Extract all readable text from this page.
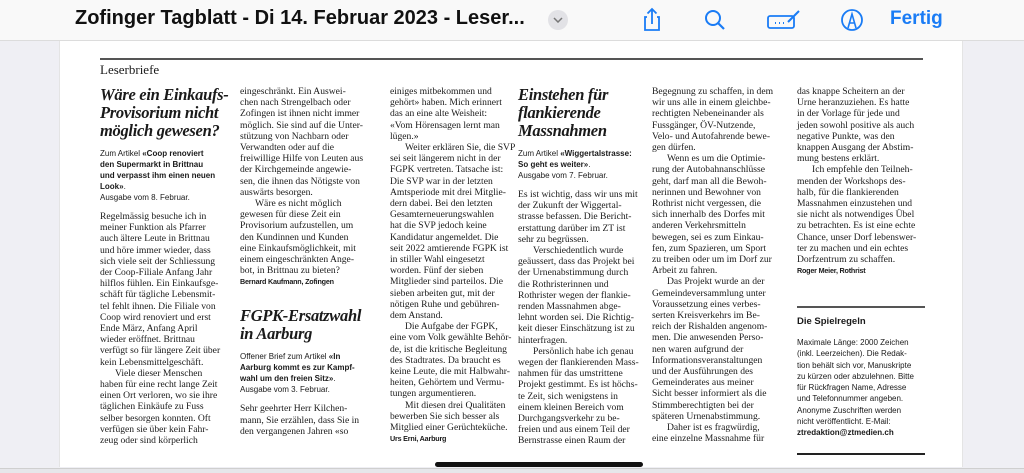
Zofinger Tagblatt - Di 14. Februar 2023 - Leser...	Fertig
Leserbriefe
Wäre ein Einkaufs-
Provisorium nicht
möglich gewesen?
Zum Artikel «Coop renoviert
den Supermarkt in Brittnau
und verpasst ihm einen neuen
Look».
Ausgabe vom 8. Februar.

Regelmässig besuche ich in
meiner Funktion als Pfarrer
auch ältere Leute in Brittnau
und höre immer wieder, dass
sich viele seit der Schliessung
der Coop-Filiale Anfang Jahr
hilflos fühlen. Ein Einkaufsge-
schäft für tägliche Lebensmit-
tel fehlt ihnen. Die Filiale von
Coop wird renoviert und erst
Ende März, Anfang April
wieder eröffnet. Brittnau
verfügt so für längere Zeit über
kein Lebensmittelgeschäft.

Viele dieser Menschen
haben für eine recht lange Zeit
einen Ort verloren, wo sie ihre
täglichen Einkäufe zu Fuss
selber besorgen konnten. Oft
verfügen sie über kein Fahr-
zeug oder sind körperlich

eingeschränkt. Ein Auswei-
chen nach Strengelbach oder
Zofingen ist ihnen nicht immer
möglich. Sie sind auf die Unter-
stützung von Nachbarn oder
Verwandten oder auf die
freiwillige Hilfe von Leuten aus
der Kirchgemeinde angewie-
sen, die ihnen das Nötigste von
auswärts besorgen.

Wäre es nicht möglich
gewesen für diese Zeit ein
Provisorium aufzustellen, um
den Kundinnen und Kunden
eine Einkaufsmöglichkeit, mit
einem eingeschränkten Ange-
bot, in Brittnau zu bieten?

Bernard Kaufmann, Zofingen
FGPK-Ersatzwahl
in Aarburg
Offener Brief zum Artikel «In
Aarburg kommt es zur Kampf-
wahl um den freien Sitz».
Ausgabe vom 3. Februar.

Sehr geehrter Herr Kilchen-
mann, Sie erzählen, dass Sie in
den vergangenen Jahren «so

einiges mitbekommen und
gehört» haben. Mich erinnert
das an eine alte Weisheit:
«Vom Hörensagen lernt man
lügen.»

Weiter erklären Sie, die SVP
sei seit längerem nicht in der
FGPK vertreten. Tatsache ist:
Die SVP war in der letzten
Amtsperiode mit drei Mitglie-
dern dabei. Bei den letzten
Gesamterneuerungswahlen
hat die SVP jedoch keine
Kandidatur angemeldet. Die
seit 2022 amtierende FGPK ist
in stiller Wahl eingesetzt
worden. Fünf der sieben
Mitglieder sind parteilos. Die
sieben arbeiten gut, mit der
nötigen Ruhe und gebühren-
dem Anstand.

Die Aufgabe der FGPK,
eine vom Volk gewählte Behör-
de, ist die kritische Begleitung
des Stadtrates. Da braucht es
keine Leute, die mit Halbwahr-
heiten, Gehörtem und Vermu-
tungen argumentieren.

Mit diesen drei Qualitäten
bewerben Sie sich besser als
Mitglied einer Gerüchteküche.

Urs Erni, Aarburg
Einstehen für
flankierende
Massnahmen
Zum Artikel «Wiggertalstrasse:
So geht es weiter».
Ausgabe vom 7. Februar.

Es ist wichtig, dass wir uns mit
der Zukunft der Wiggertal-
strasse befassen. Die Bericht-
erstattung darüber im ZT ist
sehr zu begrüssen.

Verschiedentlich wurde
geäussert, dass das Projekt bei
der Urnenabstimmung durch
die Rothristerinnen und
Rothrister wegen der flankie-
renden Massnahmen abge-
lehnt worden sei. Die Richtig-
keit dieser Einschätzung ist zu
hinterfragen.

Persönlich habe ich genau
wegen der flankierenden Mass-
nahmen für das umstrittene
Projekt gestimmt. Es ist höchs-
te Zeit, sich wenigstens in
einem kleinen Bereich vom
Durchgangsverkehr zu be-
freien und aus einem Teil der
Bernstrasse einen Raum der

Begegnung zu schaffen, in dem
wir uns alle in einem gleichbe-
rechtigten Nebeneinander als
Fussgänger, ÖV-Nutzende,
Velo- und Autofahrende bewe-
gen dürfen.

Wenn es um die Optimie-
rung der Autobahnanschlüsse
geht, darf man all die Bewoh-
nerinnen und Bewohner von
Rothrist nicht vergessen, die
sich innerhalb des Dorfes mit
anderen Verkehrsmitteln
bewegen, sei es zum Einkau-
fen, zum Spazieren, um Sport
zu treiben oder um im Dorf zur
Arbeit zu fahren.

Das Projekt wurde an der
Gemeindeversammlung unter
Voraussetzung eines verbes-
serten Kreisverkehrs im Be-
reich der Rishalden angenom-
men. Die anwesenden Perso-
nen waren aufgrund der
Informationsveranstaltungen
und der Ausführungen des
Gemeinderates aus meiner
Sicht besser informiert als die
Stimmberechtigten bei der
späteren Urnenabstimmung.

Daher ist es fragwürdig,
eine einzelne Massnahme für

das knappe Scheitern an der
Urne heranzuziehen. Es hatte
in der Vorlage für jede und
jeden sowohl positive als auch
negative Punkte, was den
knappen Ausgang der Abstim-
mung bestens erklärt.

Ich empfehle den Teilneh-
menden der Workshops des-
halb, für die flankierenden
Massnahmen einzustehen und
sie nicht als notwendiges Übel
zu betrachten. Es ist eine echte
Chance, unser Dorf lebenswer-
ter zu machen und ein echtes
Dorfzentrum zu schaffen.

Roger Meier, Rothrist
Die Spielregeln
Maximale Länge: 2000 Zeichen
(inkl. Leerzeichen). Die Redak-
tion behält sich vor, Manuskripte
zu kürzen oder abzulehnen. Bitte
für Rückfragen Name, Adresse
und Telefonnummer angeben.
Anonyme Zuschriften werden
nicht veröffentlicht. E-Mail:
ztredaktion@ztmedien.ch
